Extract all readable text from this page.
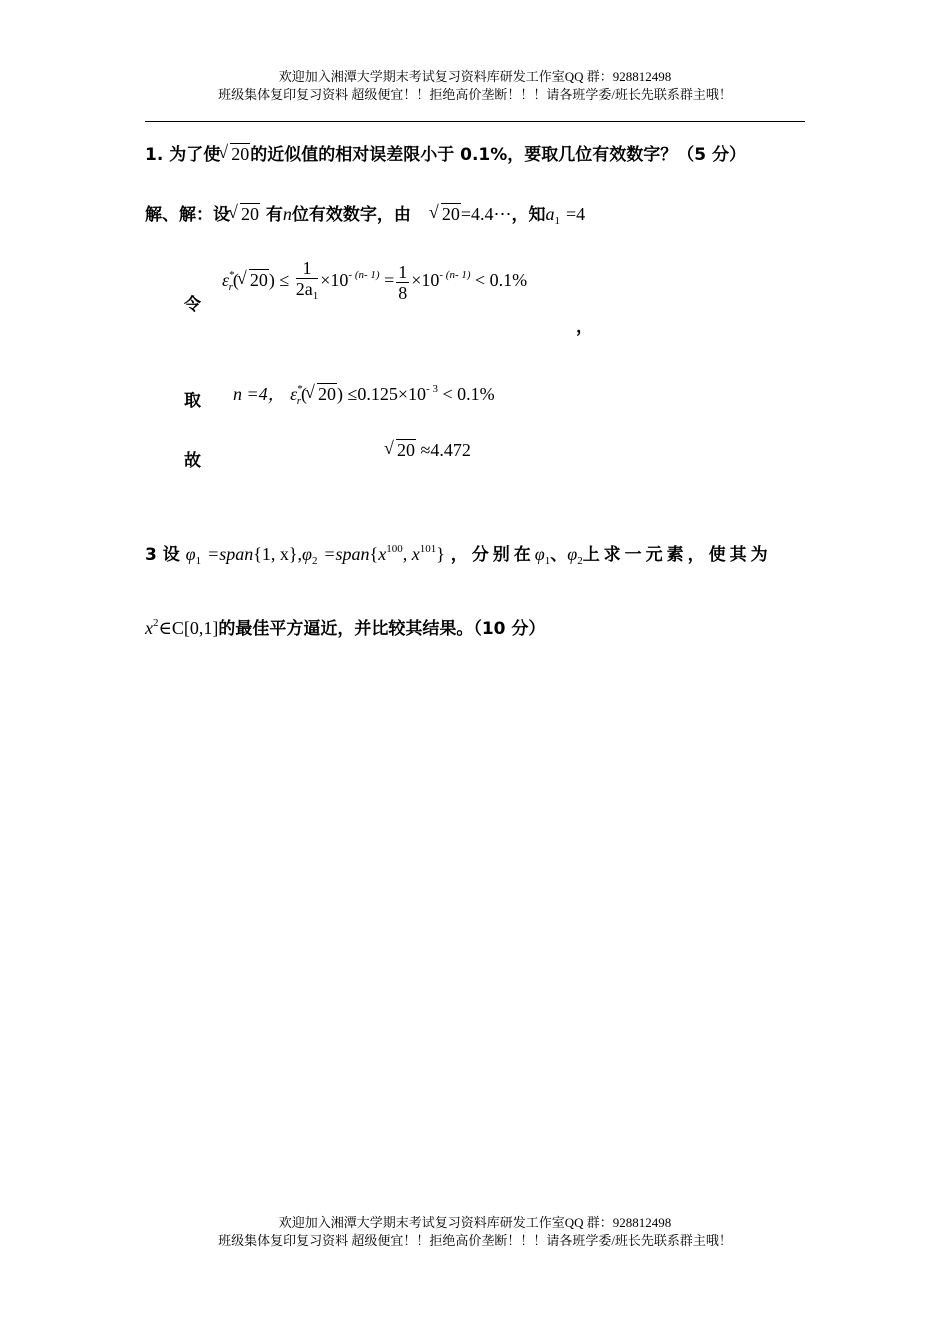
欢迎加入湘潭大学期末考试复习资料库研发工作室QQ 群：928812498
班级集体复印复习资料 超级便宜！！拒绝高价垄断！！！请各班学委/班长先联系群主哦！
1. 为了使√ 20的近似值的相对误差限小于 0.1%，要取几位有效数字？（5 分）
解、解：设√ 20 有n位有效数字，由 √ 20=4.4⋯，知$a_1 =4$
令
$\varepsilon^*_r(√$ $20) \le \frac{1}{2a_1} \times 10^{- (n- 1)} = \frac{1}{8} \times 10^{- (n- 1)} < 0.1\%$
，
取 n =4， $\varepsilon^*_r(√$ $20) \le 0.125\times 10^{- 3} < 0.1\%$
故
√ 20 ≈4.472
3 设 $\varphi_1$ =span{1, $x\},\varphi_2$ $=span\{x^{100}$, $x^{101}$} ，分别在$\varphi_1$、$\varphi_2$上求一元素，使其为
$x^2\in C[0,1]$的最佳平方逼近，并比较其结果。（10 分）
欢迎加入湘潭大学期末考试复习资料库研发工作室QQ 群：928812498
班级集体复印复习资料 超级便宜！！拒绝高价垄断！！！请各班学委/班长先联系群主哦！
